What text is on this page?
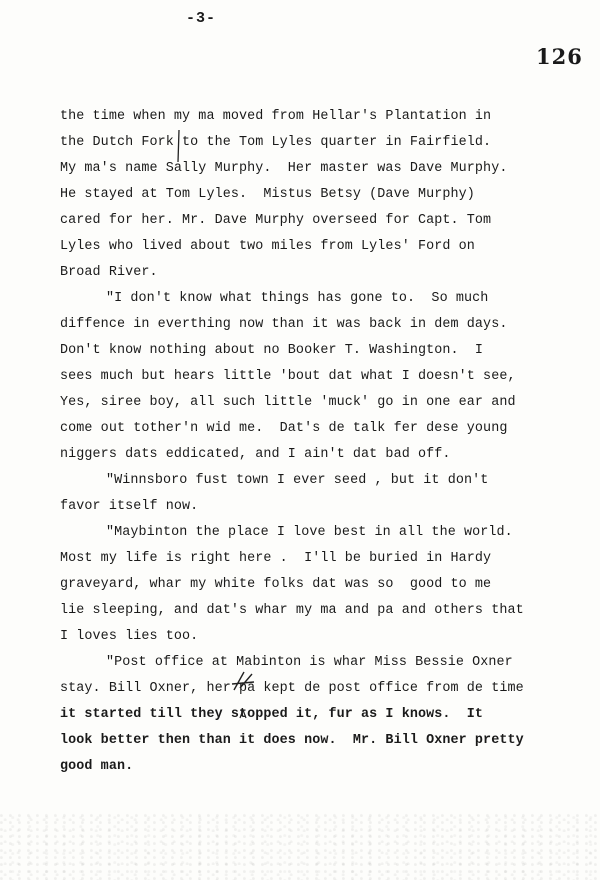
-3-
126
the time when my ma moved from Hellar's Plantation in
the Dutch Fork to the Tom Lyles quarter in Fairfield.
My ma's name Sally Murphy.  Her master was Dave Murphy.
He stayed at Tom Lyles.  Mistus Betsy (Dave Murphy)
cared for her. Mr. Dave Murphy overseed for Capt. Tom
Lyles who lived about two miles from Lyles' Ford on
Broad River.
"I don't know what things has gone to.  So much
diffence in everthing now than it was back in dem days.
Don't know nothing about no Booker T. Washington.  I
sees much but hears little 'bout dat what I doesn't see,
Yes, siree boy, all such little 'muck' go in one ear and
come out tother'n wid me.  Dat's de talk fer dese young
niggers dats eddicated, and I ain't dat bad off.
"Winnsboro fust town I ever seed , but it don't
favor itself now.
"Maybinton the place I love best in all the world.
Most my life is right here .  I'll be buried in Hardy
graveyard, whar my white folks dat was so  good to me
lie sleeping, and dat's whar my ma and pa and others that
I loves lies too.
"Post office at Mabinton is whar Miss Bessie Oxner
stay. Bill Oxner, her pa kept de post office from de time
it started till they stopped it, fur as I knows.  It
look better then than it does now.  Mr. Bill Oxner pretty
good man.
